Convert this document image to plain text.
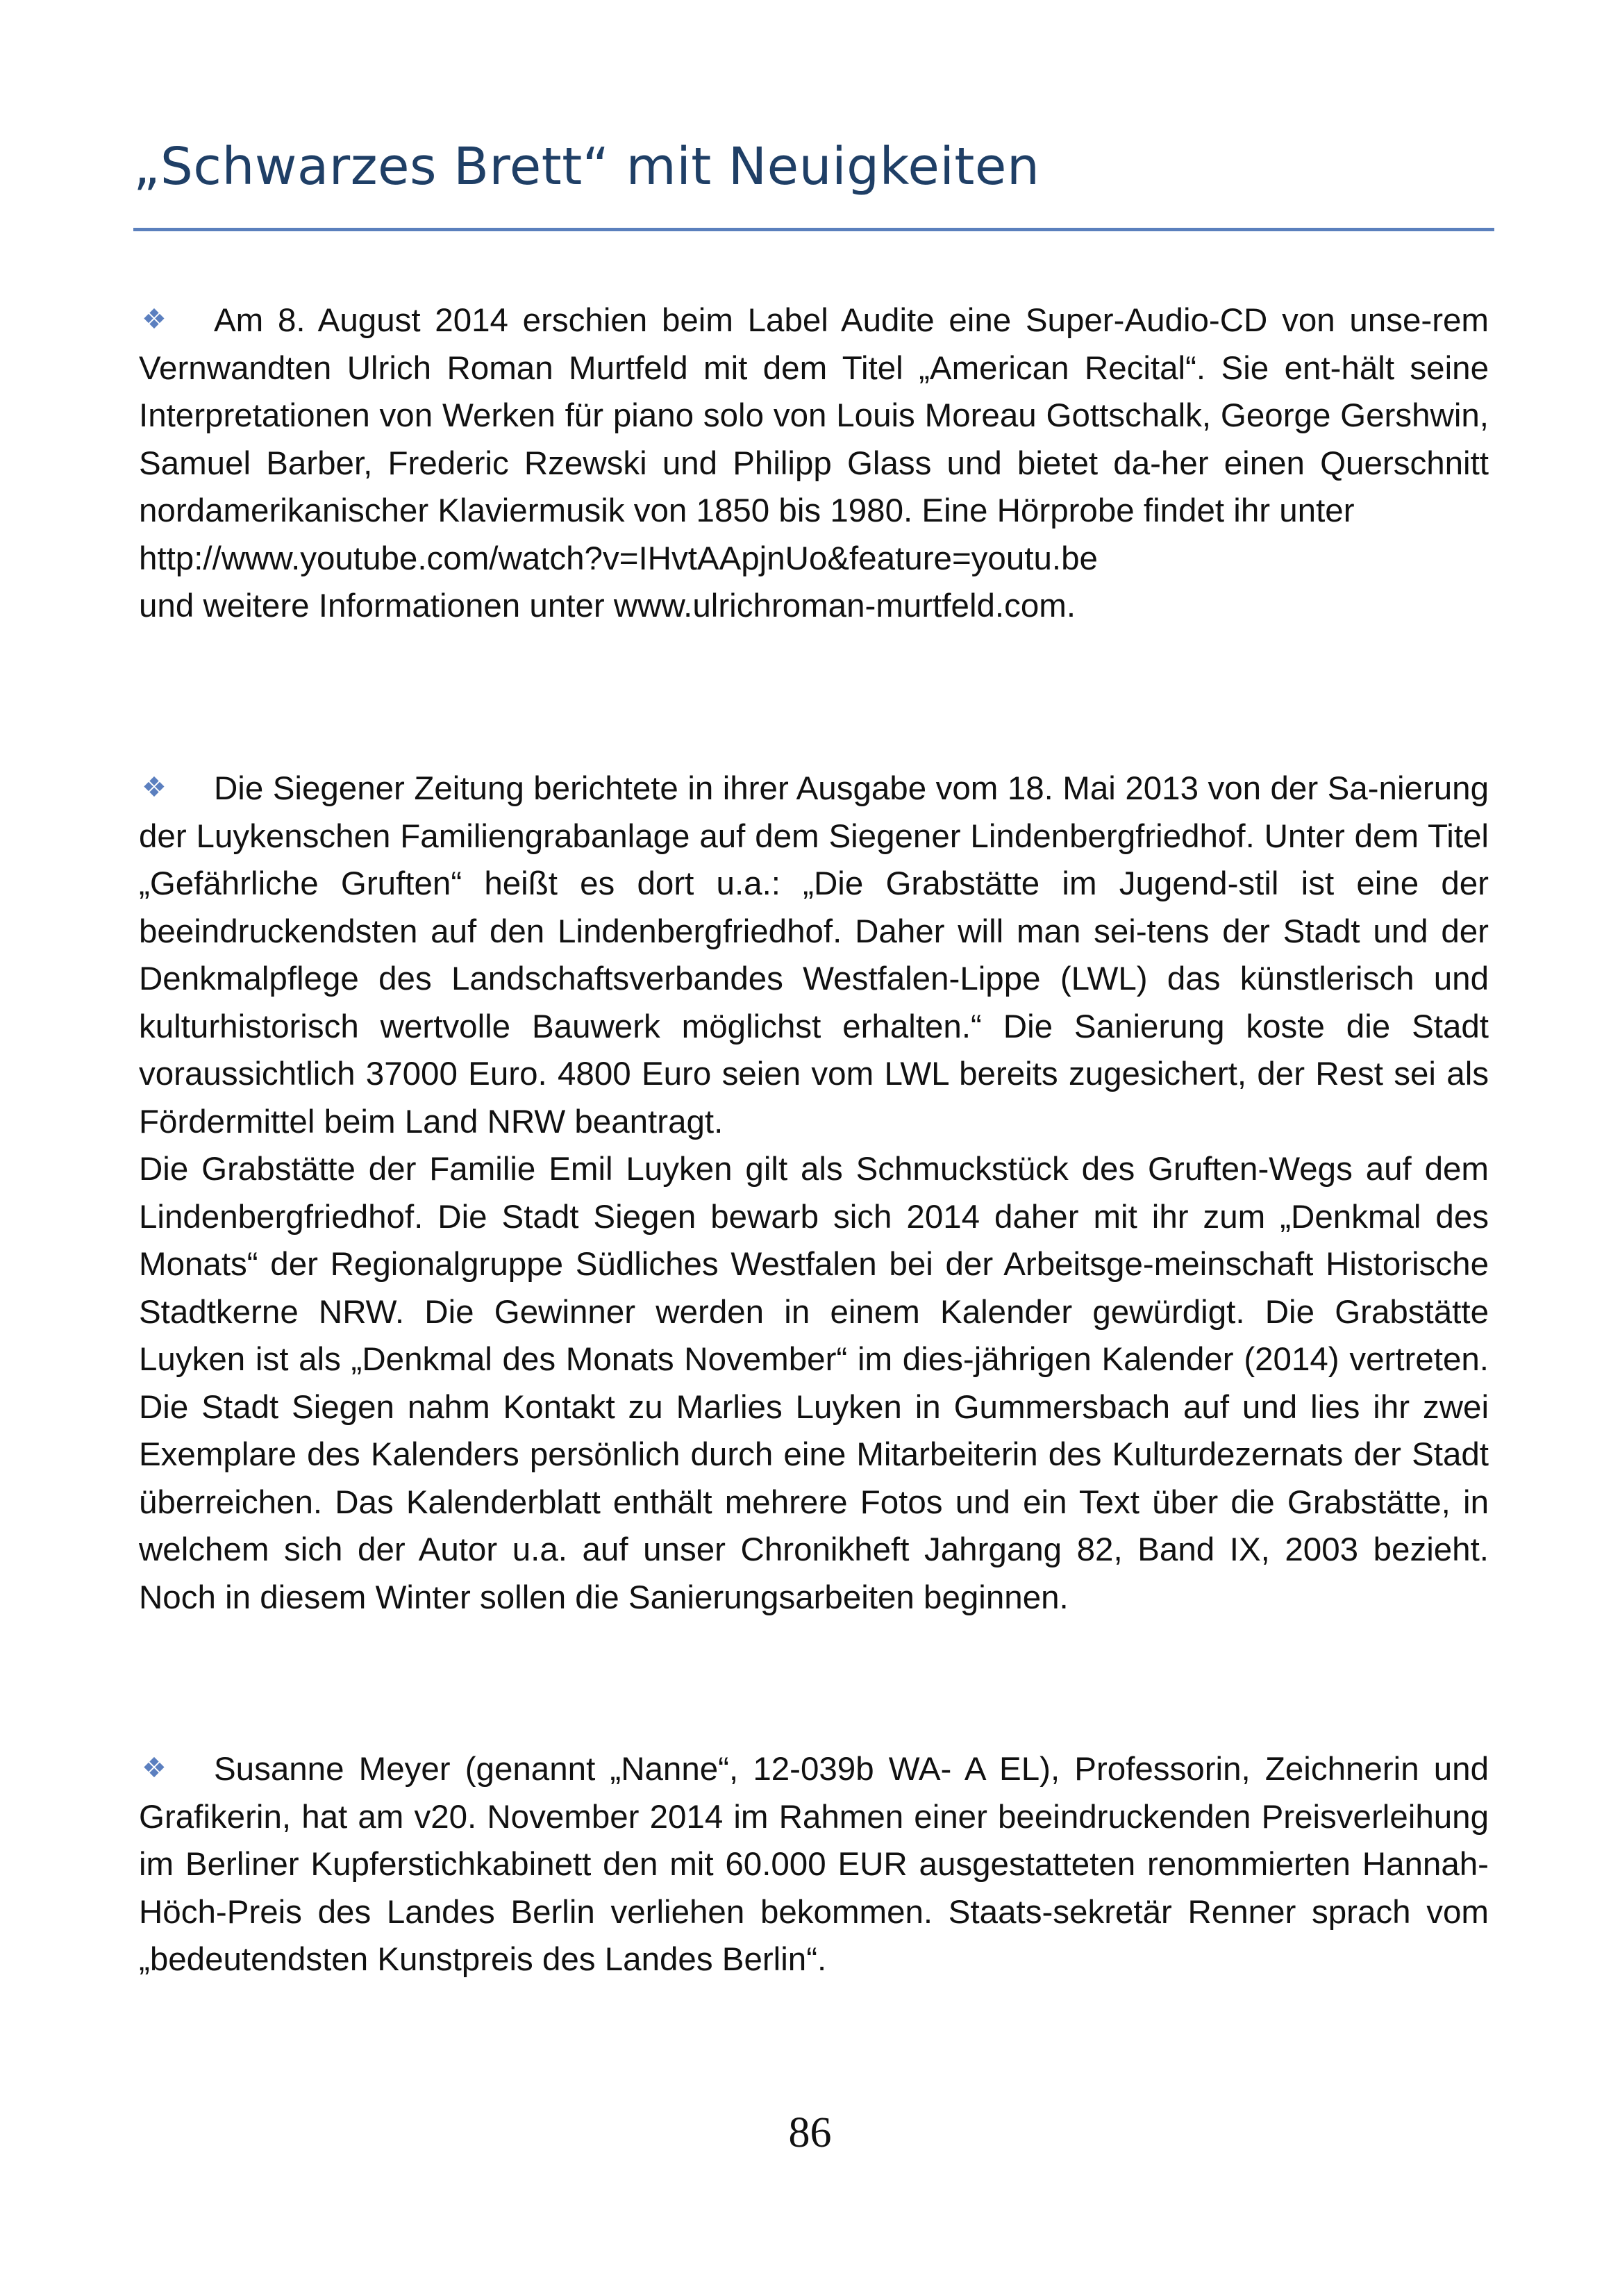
„Schwarzes Brett“ mit Neuigkeiten

❖ Am 8. August 2014 erschien beim Label Audite eine Super-Audio-CD von unse-rem Vernwandten Ulrich Roman Murtfeld mit dem Titel „American Recital“. Sie ent-hält seine Interpretationen von Werken für piano solo von Louis Moreau Gottschalk, George Gershwin, Samuel Barber, Frederic Rzewski und Philipp Glass und bietet da-her einen Querschnitt nordamerikanischer Klaviermusik von 1850 bis 1980. Eine Hörprobe findet ihr unter

http://www.youtube.com/watch?v=IHvtAApjnUo&feature=youtu.be
und weitere Informationen unter www.ulrichroman-murtfeld.com.

❖ Die Siegener Zeitung berichtete in ihrer Ausgabe vom 18. Mai 2013 von der Sa-nierung der Luykenschen Familiengrabanlage auf dem Siegener Lindenbergfriedhof. Unter dem Titel „Gefährliche Gruften“ heißt es dort u.a.: „Die Grabstätte im Jugend-stil ist eine der beeindruckendsten auf den Lindenbergfriedhof. Daher will man sei-tens der Stadt und der Denkmalpflege des Landschaftsverbandes Westfalen-Lippe (LWL) das künstlerisch und kulturhistorisch wertvolle Bauwerk möglichst erhalten.“ Die Sanierung koste die Stadt voraussichtlich 37000 Euro. 4800 Euro seien vom LWL bereits zugesichert, der Rest sei als Fördermittel beim Land NRW beantragt.

Die Grabstätte der Familie Emil Luyken gilt als Schmuckstück des Gruften-Wegs auf dem Lindenbergfriedhof. Die Stadt Siegen bewarb sich 2014 daher mit ihr zum „Denkmal des Monats“ der Regionalgruppe Südliches Westfalen bei der Arbeitsge-meinschaft Historische Stadtkerne NRW. Die Gewinner werden in einem Kalender gewürdigt. Die Grabstätte Luyken ist als „Denkmal des Monats November“ im dies-jährigen Kalender (2014) vertreten. Die Stadt Siegen nahm Kontakt zu Marlies Luyken in Gummersbach auf und lies ihr zwei Exemplare des Kalenders persönlich durch eine Mitarbeiterin des Kulturdezernats der Stadt überreichen. Das Kalenderblatt enthält mehrere Fotos und ein Text über die Grabstätte, in welchem sich der Autor u.a. auf unser Chronikheft Jahrgang 82, Band IX, 2003 bezieht. Noch in diesem Winter sollen die Sanierungsarbeiten beginnen.

❖ Susanne Meyer (genannt „Nanne“, 12-039b WA- A EL), Professorin, Zeichnerin und Grafikerin, hat am v20. November 2014 im Rahmen einer beeindruckenden Preisverleihung im Berliner Kupferstichkabinett den mit 60.000 EUR ausgestatteten renommierten Hannah- Höch-Preis des Landes Berlin verliehen bekommen. Staats-sekretär Renner sprach vom „bedeutendsten Kunstpreis des Landes Berlin“.

86
